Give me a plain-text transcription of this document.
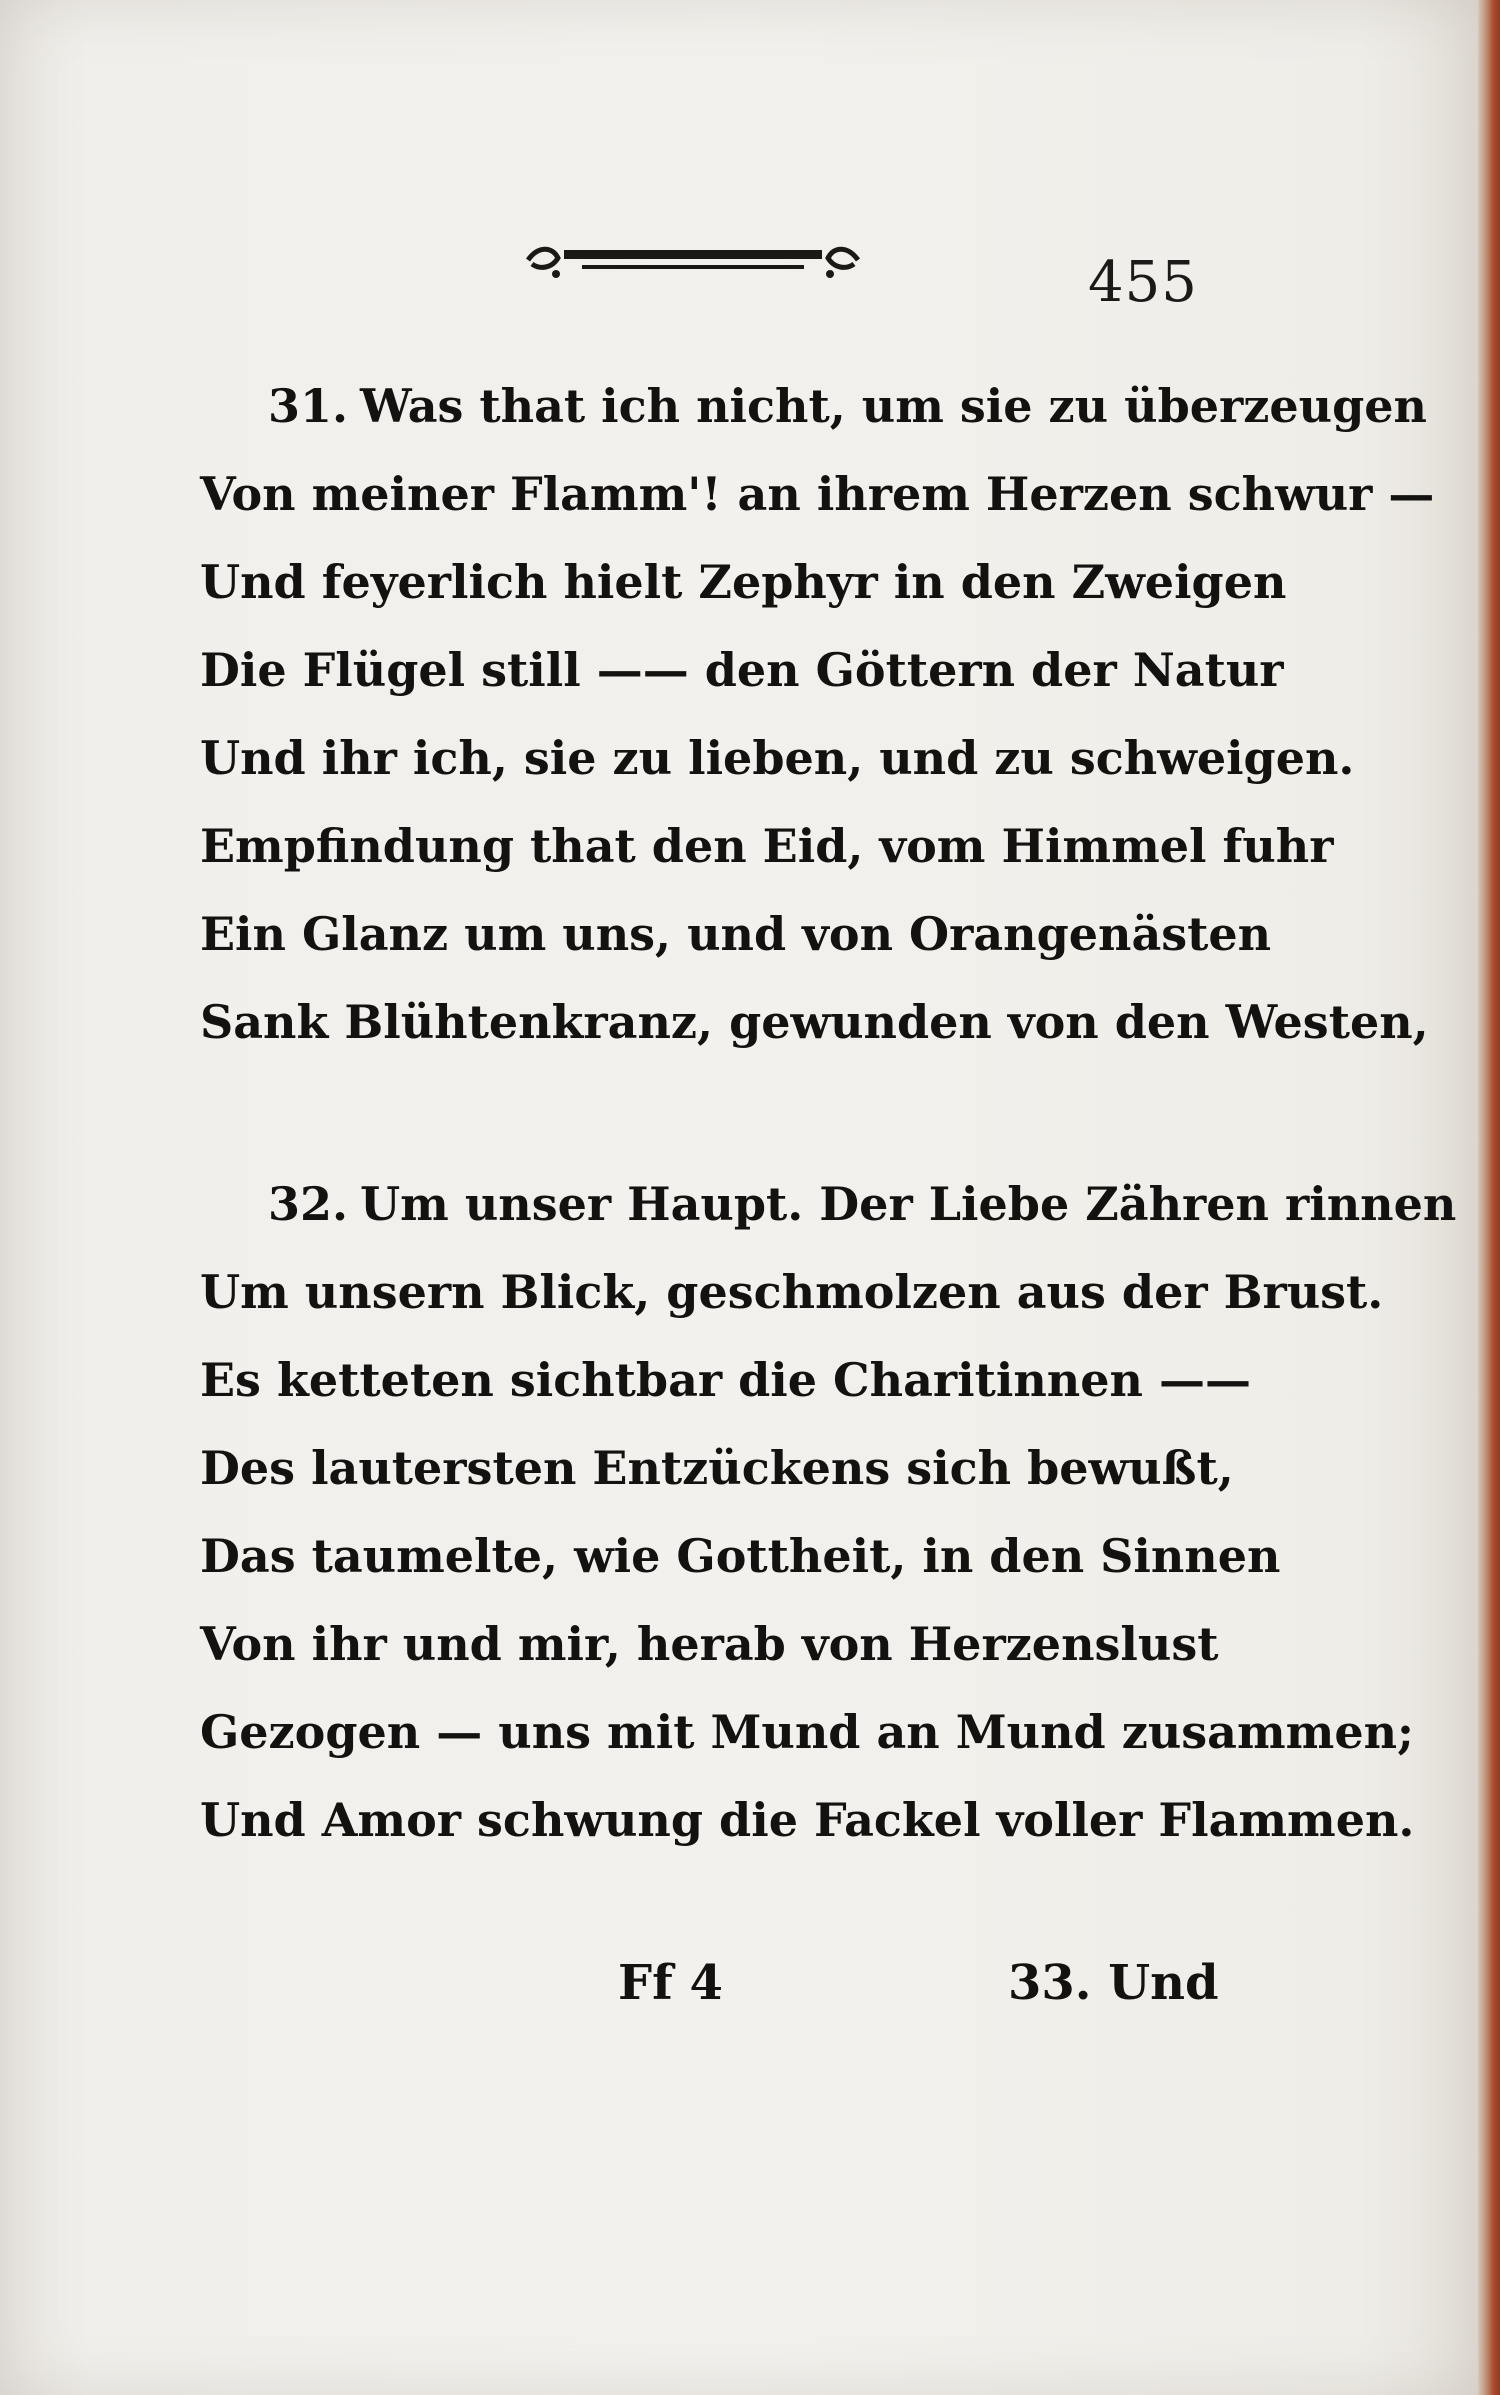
455
31. Was that ich nicht, um sie zu überzeugen
Von meiner Flamm'! an ihrem Herzen schwur —
Und feyerlich hielt Zephyr in den Zweigen
Die Flügel still —— den Göttern der Natur
Und ihr ich, sie zu lieben, und zu schweigen.
Empfindung that den Eid, vom Himmel fuhr
Ein Glanz um uns, und von Orangenästen
Sank Blühtenkranz, gewunden von den Westen,
32. Um unser Haupt. Der Liebe Zähren rinnen
Um unsern Blick, geschmolzen aus der Brust.
Es ketteten sichtbar die Charitinnen ——
Des lautersten Entzückens sich bewußt,
Das taumelte, wie Gottheit, in den Sinnen
Von ihr und mir, herab von Herzenslust
Gezogen — uns mit Mund an Mund zusammen;
Und Amor schwung die Fackel voller Flammen.
Ff 4	33. Und
